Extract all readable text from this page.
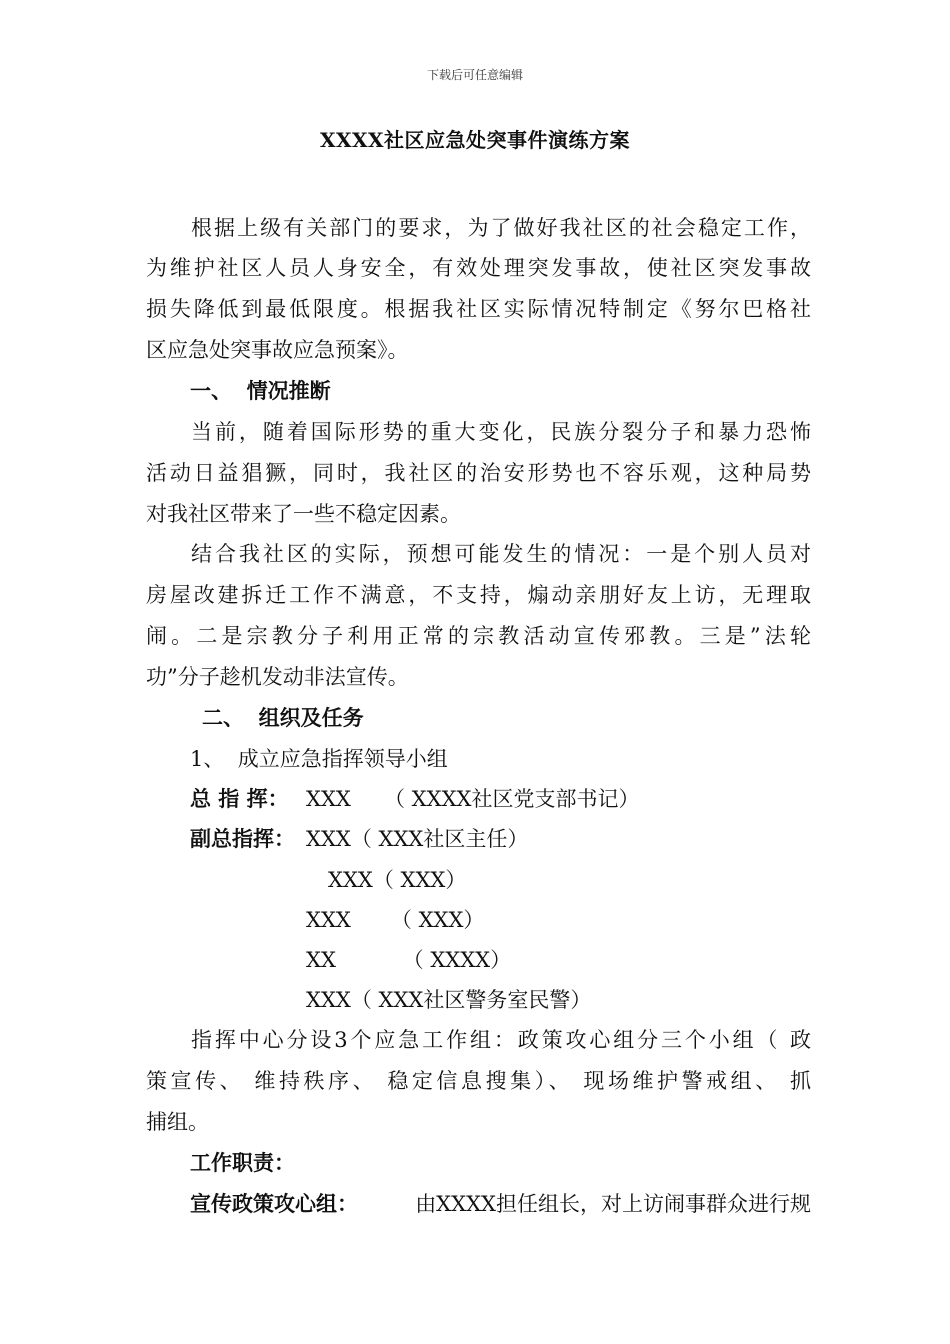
下载后可任意编辑
XXXX社区应急处突事件演练方案
根据上级有关部门的要求，为了做好我社区的社会稳定工作，
为维护社区人员人身安全，有效处理突发事故，使社区突发事故
损失降低到最低限度。根据我社区实际情况特制定《努尔巴格社
区应急处突事故应急预案》。
一、  情况推断
当前，随着国际形势的重大变化，民族分裂分子和暴力恐怖
活动日益猖獗，同时，我社区的治安形势也不容乐观，这种局势
对我社区带来了一些不稳定因素。
结合我社区的实际，预想可能发生的情况：一是个别人员对
房屋改建拆迁工作不满意，不支持，煽动亲朋好友上访，无理取
闹。二是宗教分子利用正常的宗教活动宣传邪教。三是”法轮
功”分子趁机发动非法宣传。
二、  组织及任务
1、  成立应急指挥领导小组
总 指 挥： XXX （ XXXX社区党支部书记）
副总指挥： XXX（ XXX社区主任）
XXX（ XXX）
XXX      （ XXX）
XX          （ XXXX）
XXX（ XXX社区警务室民警）
指挥中心分设3个应急工作组：政策攻心组分三个小组（ 政
策宣传、 维持秩序、 稳定信息搜集）、 现场维护警戒组、 抓
捕组。
工作职责：
宣传政策攻心组：	由XXXX担任组长，对上访闹事群众进行规
